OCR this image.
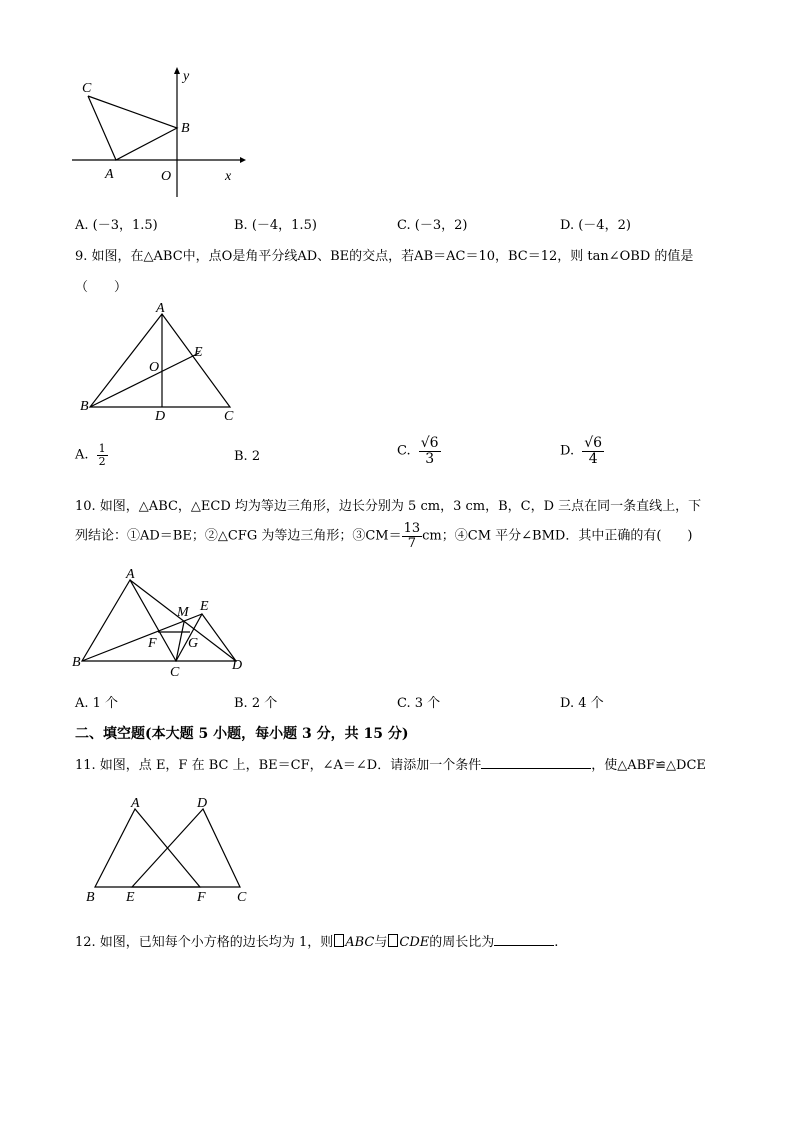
C
B
A	O	x
y
A. (－3，1.5)	B. (－4，1.5)	C. (－3，2)	D. (－4，2)
9. 如图，在△ABC中，点O是角平分线AD、BE的交点，若AB＝AC＝10，BC＝12，则 tan∠OBD 的值是
（　　）
A
B
C
D
E
O
A. $\frac{1}{2}$	B. 2	C. $\frac{√6}{3}$	D. $\frac{√6}{4}$
10. 如图，△ABC，△ECD 均为等边三角形，边长分别为 5 cm，3 cm，B，C，D 三点在同一条直线上，下
列结论：①AD＝BE；②△CFG 为等边三角形；③CM＝ $\frac{13}{7}$ cm；④CM 平分∠BMD．其中正确的有(　　)
A
B
C	D
E
F G
M
A. 1 个	B. 2 个	C. 3 个	D. 4 个
二、填空题(本大题 5 小题，每小题 3 分，共 15 分)
11. 如图，点 E，F 在 BC 上，BE＝CF，∠A＝∠D．请添加一个条件	，使△ABF≌△DCE
A	D
B E	F C
12. 如图，已知每个小方格的边长均为 1，则 ABC与 CDE的周长比为	.
